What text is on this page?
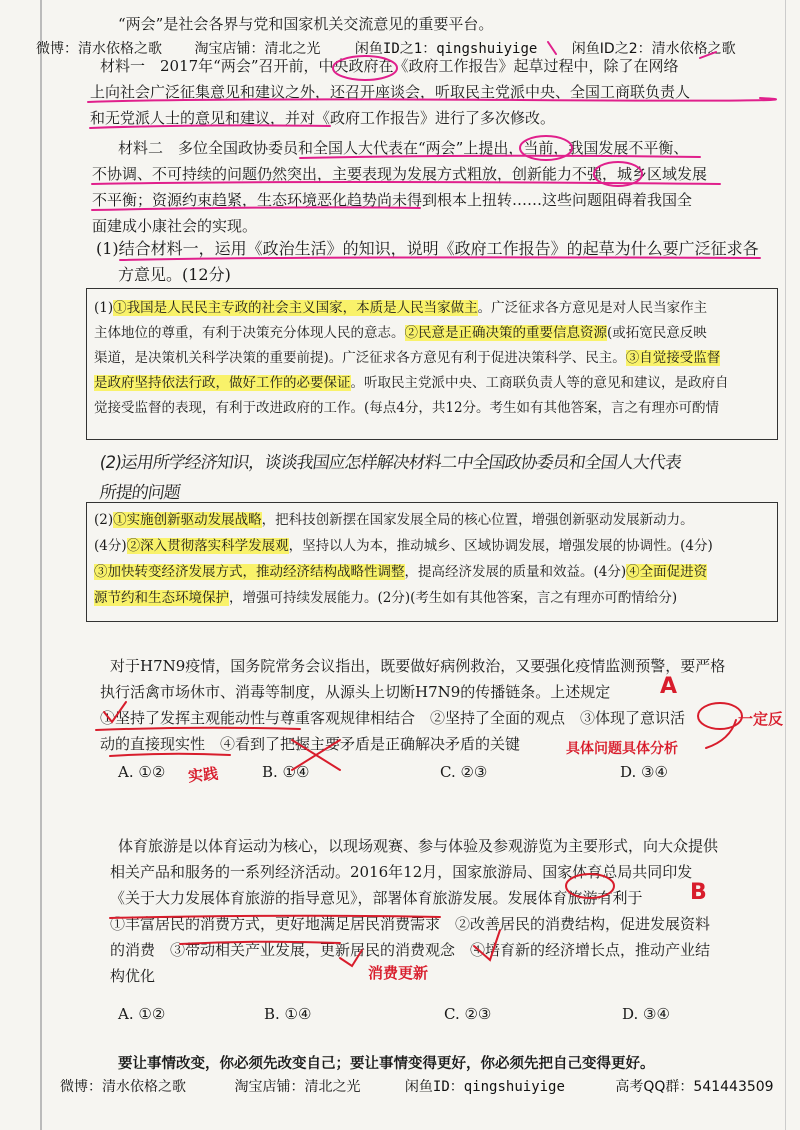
微博：清水依格之歌 淘宝店铺：清北之光 闲鱼ID之1：qingshuiyige 闲鱼ID之2：清水依格之歌
“两会”是社会各界与党和国家机关交流意见的重要平台。
材料一　2017年“两会”召开前，中央政府在《政府工作报告》起草过程中，除了在网络
上向社会广泛征集意见和建议之外，还召开座谈会，听取民主党派中央、全国工商联负责人
和无党派人士的意见和建议，并对《政府工作报告》进行了多次修改。
材料二　多位全国政协委员和全国人大代表在“两会”上提出，当前，我国发展不平衡、
不协调、不可持续的问题仍然突出，主要表现为发展方式粗放，创新能力不强，城乡区域发展
不平衡；资源约束趋紧，生态环境恶化趋势尚未得到根本上扭转……这些问题阻碍着我国全
面建成小康社会的实现。
(1)结合材料一，运用《政治生活》的知识，说明《政府工作报告》的起草为什么要广泛征求各
方意见。(12分)
(1)①我国是人民民主专政的社会主义国家，本质是人民当家做主。广泛征求各方意见是对人民当家作主
主体地位的尊重，有利于决策充分体现人民的意志。②民意是正确决策的重要信息资源(或拓宽民意反映
渠道，是决策机关科学决策的重要前提)。广泛征求各方意见有利于促进决策科学、民主。③自觉接受监督
是政府坚持依法行政，做好工作的必要保证。听取民主党派中央、工商联负责人等的意见和建议，是政府自
觉接受监督的表现，有利于改进政府的工作。(每点4分，共12分。考生如有其他答案，言之有理亦可酌情
(2)运用所学经济知识，谈谈我国应怎样解决材料二中全国政协委员和全国人大代表
所提的问题
(2)①实施创新驱动发展战略，把科技创新摆在国家发展全局的核心位置，增强创新驱动发展新动力。
(4分)②深入贯彻落实科学发展观，坚持以人为本，推动城乡、区域协调发展，增强发展的协调性。(4分)
③加快转变经济发展方式，推动经济结构战略性调整，提高经济发展的质量和效益。(4分)④全面促进资
源节约和生态环境保护，增强可持续发展能力。(2分)(考生如有其他答案，言之有理亦可酌情给分)
对于H7N9疫情，国务院常务会议指出，既要做好病例救治，又要强化疫情监测预警，要严格
执行活禽市场休市、消毒等制度，从源头上切断H7N9的传播链条。上述规定
①坚持了发挥主观能动性与尊重客观规律相结合　②坚持了全面的观点　③体现了意识活
动的直接现实性　④看到了把握主要矛盾是正确解决矛盾的关键
A. ①②	B. ①④	C. ②③	D. ③④
A
一定反
实践
具体问题具体分析
体育旅游是以体育运动为核心，以现场观赛、参与体验及参观游览为主要形式，向大众提供
相关产品和服务的一系列经济活动。2016年12月，国家旅游局、国家体育总局共同印发
《关于大力发展体育旅游的指导意见》，部署体育旅游发展。发展体育旅游有利于
①丰富居民的消费方式，更好地满足居民消费需求　②改善居民的消费结构，促进发展资料
的消费　③带动相关产业发展，更新居民的消费观念　④培育新的经济增长点，推动产业结
构优化
A. ①②	B. ①④	C. ②③	D. ③④
B
消费更新
要让事情改变，你必须先改变自己；要让事情变得更好，你必须先把自己变得更好。
微博：清水依格之歌	淘宝店铺：清北之光	闲鱼ID：qingshuiyige	高考QQ群：541443509
